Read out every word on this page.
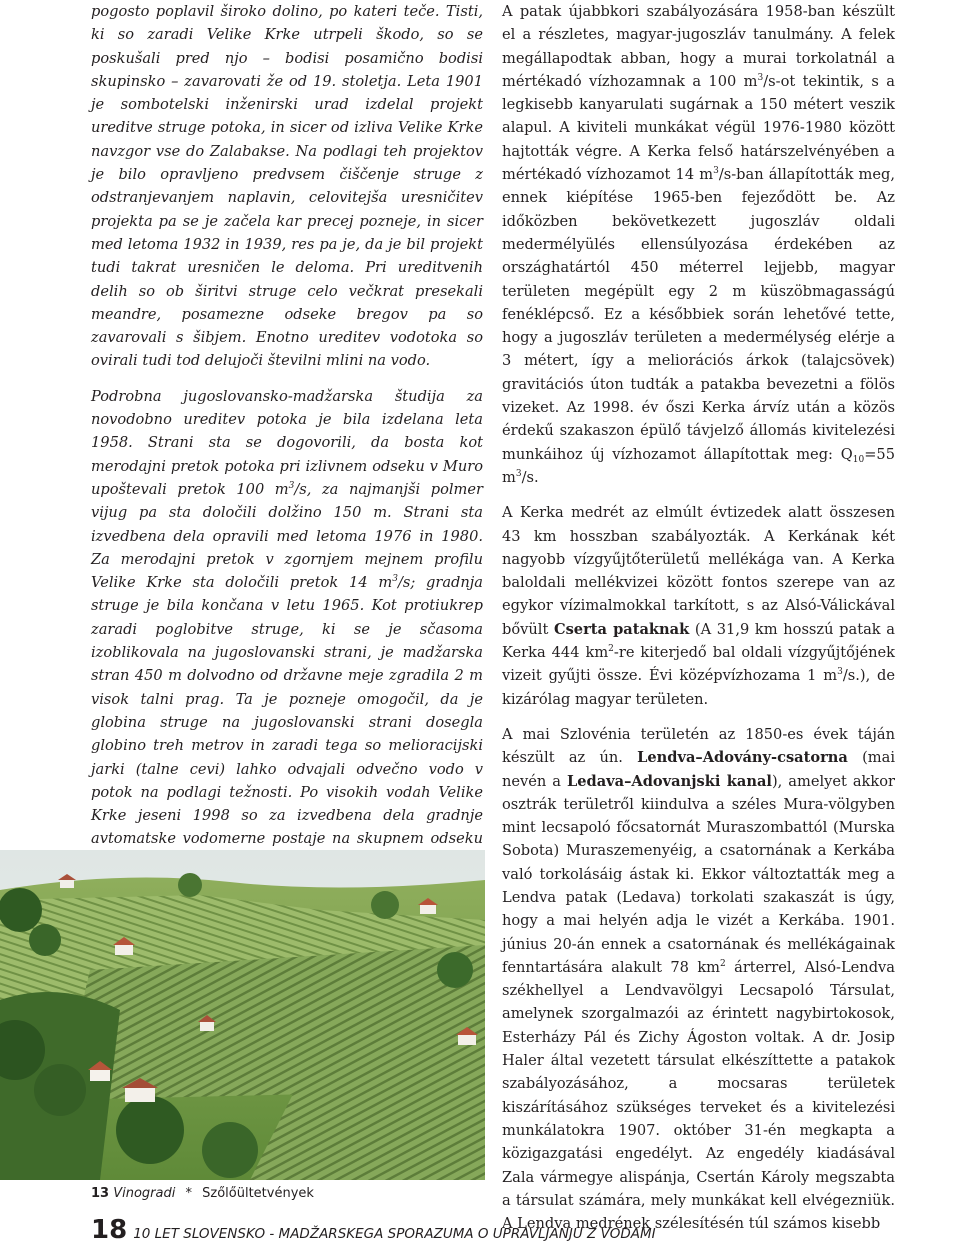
pogosto poplavil široko dolino, po kateri teče. Tisti, ki so zaradi Velike Krke utrpeli škodo, so se poskušali pred njo – bodisi posamično bodisi skupinsko – zavarovati že od 19. stoletja. Leta 1901 je sombotelski inženirski urad izdelal projekt ureditve struge potoka, in sicer od izliva Velike Krke navzgor vse do Zalabakse. Na podlagi teh projektov je bilo opravljeno predvsem čiščenje struge z odstranjevanjem naplavin, celovitejša uresničitev projekta pa se je začela kar precej pozneje, in sicer med letoma 1932 in 1939, res pa je, da je bil projekt tudi takrat uresničen le deloma. Pri ureditvenih delih so ob širitvi struge celo večkrat presekali meandre, posamezne odseke bregov pa so zavarovali s šibjem. Enotno ureditev vodotoka so ovirali tudi tod delujoči številni mlini na vodo.

Podrobna jugoslovansko-madžarska študija za novodobno ureditev potoka je bila izdelana leta 1958. Strani sta se dogovorili, da bosta kot merodajni pretok potoka pri izlivnem odseku v Muro upoštevali pretok 100 $m^3/s$, za najmanjši polmer vijug pa sta določili dolžino 150 m. Strani sta izvedbena dela opravili med letoma 1976 in 1980. Za merodajni pretok v zgornjem mejnem profilu Velike Krke sta določili pretok 14 $m^3/s$; gradnja struge je bila končana v letu 1965. Kot protiukrep zaradi poglobitve struge, ki se je sčasoma izoblikovala na jugoslovanski strani, je madžarska stran 450 m dolvodno od državne meje zgradila 2 m visok talni prag. Ta je pozneje omogočil, da je globina struge na jugoslovanski strani dosegla globino treh metrov in zaradi tega so melioracijski jarki (talne cevi) lahko odvajali odvečno vodo v potok na podlagi težnosti. Po visokih vodah Velike Krke jeseni 1998 so za izvedbena dela gradnje avtomatske vodomerne postaje na skupnem odseku

A patak újabbkori szabályozására 1958-ban készült el a részletes, magyar-jugoszláv tanulmány. A felek megállapodtak abban, hogy a murai torkolatnál a mértékadó vízhozamnak a 100 $m^3/s-ot$ tekintik, s a legkisebb kanyarulati sugárnak a 150 métert veszik alapul. A kiviteli munkákat végül 1976-1980 között hajtották végre. A Kerka felső határszelvényében a mértékadó vízhozamot 14 $m^3/s$-ban állapították meg, ennek kiépítése 1965-ben fejeződött be. Az időközben bekövetkezett jugoszláv oldali medermélyülés ellensúlyozása érdekében az országhatártól 450 méterrel lejjebb, magyar területen megépült egy 2 m küszöbmagasságú fenéklépcső. Ez a későbbiek során lehetővé tette, hogy a jugoszláv területen a medermélység elérje a 3 métert, így a meliorációs árkok (talajcsövek) gravitációs úton tudták a patakba bevezetni a fölös vizeket. Az 1998. év őszi Kerka árvíz után a közös érdekű szakaszon épülő távjelző állomás kivitelezési munkáihoz új vízhozamot állapítottak meg: $Q_{10}=55$ $m^3/s$.

A Kerka medrét az elmúlt évtizedek alatt összesen 43 km hosszban szabályozták. A Kerkának két nagyobb vízgyűjtőterületű mellékága van. A Kerka baloldali mellékvizei között fontos szerepe van az egykor vízimalmokkal tarkított, s az Alsó-Válickával bővült Cserta pataknak (A 31,9 km hosszú patak a Kerka 444 $km^2-re$ kiterjedő bal oldali vízgyűjtőjének vizeit gyűjti össze. Évi középvízhozama 1 $m^3/s$.), de kizárólag magyar területen.

A mai Szlovénia területén az 1850-es évek táján készült az ún. Lendva–Adovány-csatorna (mai nevén a Ledava–Adovanjski kanal), amelyet akkor osztrák területről kiindulva a széles Mura-völgyben mint lecsapoló főcsatornát Muraszombattól (Murska Sobota) Muraszemenyéig, a csatornának a Kerkába való torkolásáig ástak ki. Ekkor változtatták meg a Lendva patak (Ledava) torkolati szakaszát is úgy, hogy a mai helyén adja le vizét a Kerkába. 1901. június 20-án ennek a csatornának és mellékágainak fenntartására alakult 78 $km^2$ árterrel, Alsó-Lendva székhellyel a Lendvavölgyi Lecsapoló Társulat, amelynek szorgalmazói az érintett nagybirtokosok, Esterházy Pál és Zichy Ágoston voltak. A dr. Josip Haler által vezetett társulat elkészíttette a patakok szabályozásához, a mocsaras területek kiszárításához szükséges terveket és a kivitelezési munkálatokra 1907. október 31-én megkapta a közigazgatási engedélyt. Az engedély kiadásával Zala vármegye alispánja, Csertán Károly megszabta a társulat számára, mely munkákat kell elvégezniük. A Lendva medrének szélesítésén túl számos kisebb

13 Vinogradi * Szőlőültetvények
18 10 LET SLOVENSKO - MADŽARSKEGA SPORAZUMA O UPRAVLJANJU Z VODAMI
